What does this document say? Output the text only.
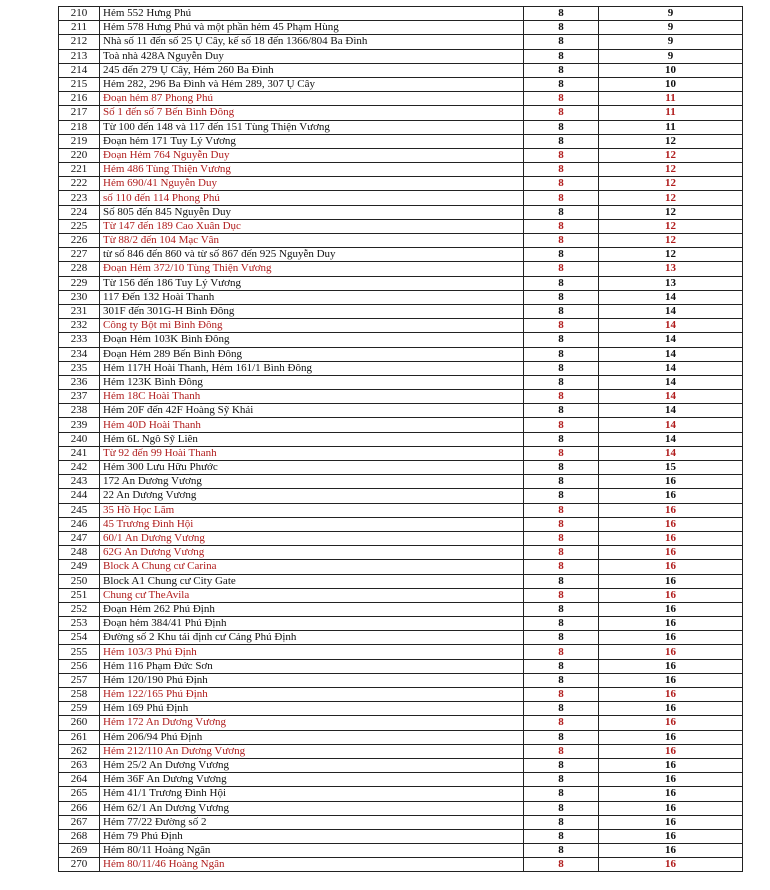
210	Hẻm 552 Hưng Phú	8	9
211	Hẻm 578 Hưng Phú và một phần hẻm 45 Phạm Hùng	8	9
212	Nhà số 11 đến số 25 Ụ Cây, kế số 18 đến 1366/804 Ba Đình	8	9
213	Toà nhà 428A Nguyễn Duy	8	9
214	245 đến 279 Ụ Cây, Hẻm 260 Ba Đình	8	10
215	Hẻm 282, 296 Ba Đình và Hẻm 289, 307 Ụ Cây	8	10
216	Đoạn hẻm 87 Phong Phú	8	11
217	Số 1 đến số 7 Bến Bình Đông	8	11
218	Từ 100 đến 148 và 117 đến 151 Tùng Thiện Vương	8	11
219	Đoạn hẻm 171 Tuy Lý Vương	8	12
220	Đoạn Hẻm 764 Nguyễn Duy	8	12
221	Hẻm 486 Tùng Thiện Vương	8	12
222	Hẻm 690/41 Nguyễn Duy	8	12
223	số 110 đến 114 Phong Phú	8	12
224	Số 805 đến 845 Nguyễn Duy	8	12
225	Từ 147 đến 189 Cao Xuân Dục	8	12
226	Từ 88/2 đến 104 Mạc Vân	8	12
227	từ số 846 đến 860 và từ số 867 đến 925 Nguyễn Duy	8	12
228	Đoạn Hẻm 372/10 Tùng Thiện Vương	8	13
229	Từ 156 đến 186 Tuy Lý Vương	8	13
230	117 Đến 132 Hoài Thanh	8	14
231	301F đến 301G-H Bình Đông	8	14
232	Công ty Bột mì Bình Đông	8	14
233	Đoạn Hẻm 103K Bình Đông	8	14
234	Đoạn Hẻm 289 Bến Bình Đông	8	14
235	Hẻm 117H Hoài Thanh, Hẻm 161/1 Bình Đông	8	14
236	Hẻm 123K Bình Đông	8	14
237	Hẻm 18C Hoài Thanh	8	14
238	Hẻm 20F đến 42F Hoàng Sỹ Khải	8	14
239	Hẻm 40D Hoài Thanh	8	14
240	Hẻm 6L Ngô Sỹ Liên	8	14
241	Từ 92 đến 99 Hoài Thanh	8	14
242	Hẻm 300 Lưu Hữu Phước	8	15
243	172 An Dương Vương	8	16
244	22 An Dương Vương	8	16
245	35 Hồ Học Lãm	8	16
246	45 Trương Đình Hội	8	16
247	60/1 An Dương Vương	8	16
248	62G An Dương Vương	8	16
249	Block A Chung cư Carina	8	16
250	Block A1 Chung cư City Gate	8	16
251	Chung cư TheAvila	8	16
252	Đoạn Hẻm 262 Phú Định	8	16
253	Đoạn hẻm 384/41 Phú Định	8	16
254	Đường số 2 Khu tái định cư Cảng Phú Định	8	16
255	Hẻm 103/3 Phú Định	8	16
256	Hẻm 116 Phạm Đức Sơn	8	16
257	Hẻm 120/190 Phú Định	8	16
258	Hẻm 122/165 Phú Định	8	16
259	Hẻm 169 Phú Định	8	16
260	Hẻm 172 An Dương Vương	8	16
261	Hẻm 206/94 Phú Định	8	16
262	Hẻm 212/110 An Dương Vương	8	16
263	Hẻm 25/2 An Dương Vương	8	16
264	Hẻm 36F An Dương Vương	8	16
265	Hẻm 41/1 Trương Đình Hội	8	16
266	Hẻm 62/1 An Dương Vương	8	16
267	Hẻm 77/22 Đường số 2	8	16
268	Hẻm 79 Phú Định	8	16
269	Hẻm 80/11 Hoàng Ngân	8	16
270	Hẻm 80/11/46 Hoàng Ngân	8	16
